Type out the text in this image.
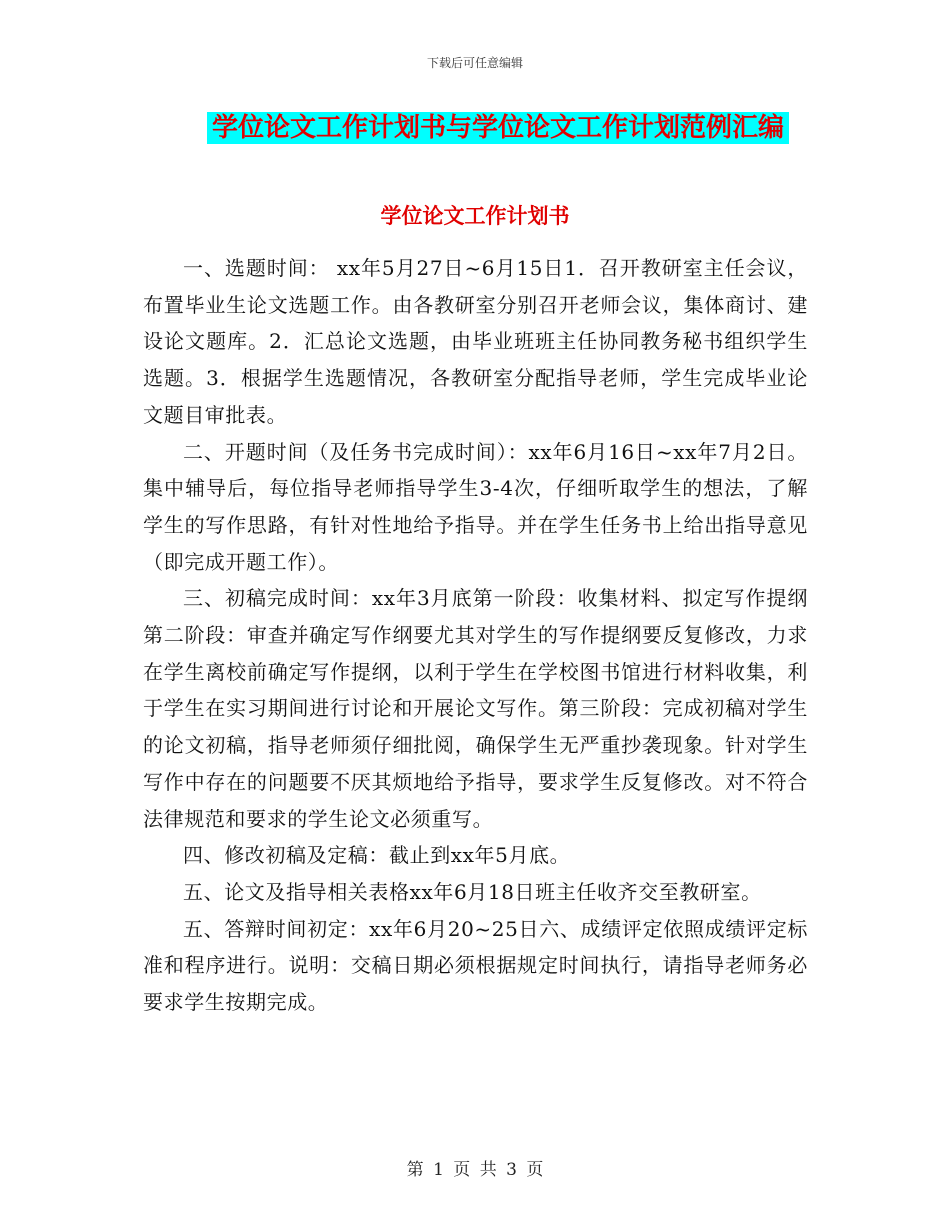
下载后可任意编辑
学位论文工作计划书与学位论文工作计划范例汇编
学位论文工作计划书

一、选题时间： xx年5月27日~6月15日1．召开教研室主任会议，布置毕业生论文选题工作。由各教研室分别召开老师会议，集体商讨、建设论文题库。2．汇总论文选题，由毕业班班主任协同教务秘书组织学生选题。3．根据学生选题情况，各教研室分配指导老师，学生完成毕业论文题目审批表。

二、开题时间（及任务书完成时间）：xx年6月16日~xx年7月2日。集中辅导后，每位指导老师指导学生3-4次，仔细听取学生的想法，了解学生的写作思路，有针对性地给予指导。并在学生任务书上给出指导意见（即完成开题工作）。

三、初稿完成时间：xx年3月底第一阶段：收集材料、拟定写作提纲第二阶段：审查并确定写作纲要尤其对学生的写作提纲要反复修改，力求在学生离校前确定写作提纲，以利于学生在学校图书馆进行材料收集，利于学生在实习期间进行讨论和开展论文写作。第三阶段：完成初稿对学生的论文初稿，指导老师须仔细批阅，确保学生无严重抄袭现象。针对学生写作中存在的问题要不厌其烦地给予指导，要求学生反复修改。对不符合法律规范和要求的学生论文必须重写。

四、修改初稿及定稿：截止到xx年5月底。

五、论文及指导相关表格xx年6月18日班主任收齐交至教研室。

五、答辩时间初定：xx年6月20~25日六、成绩评定依照成绩评定标准和程序进行。说明：交稿日期必须根据规定时间执行，请指导老师务必要求学生按期完成。

第 1 页 共 3 页
